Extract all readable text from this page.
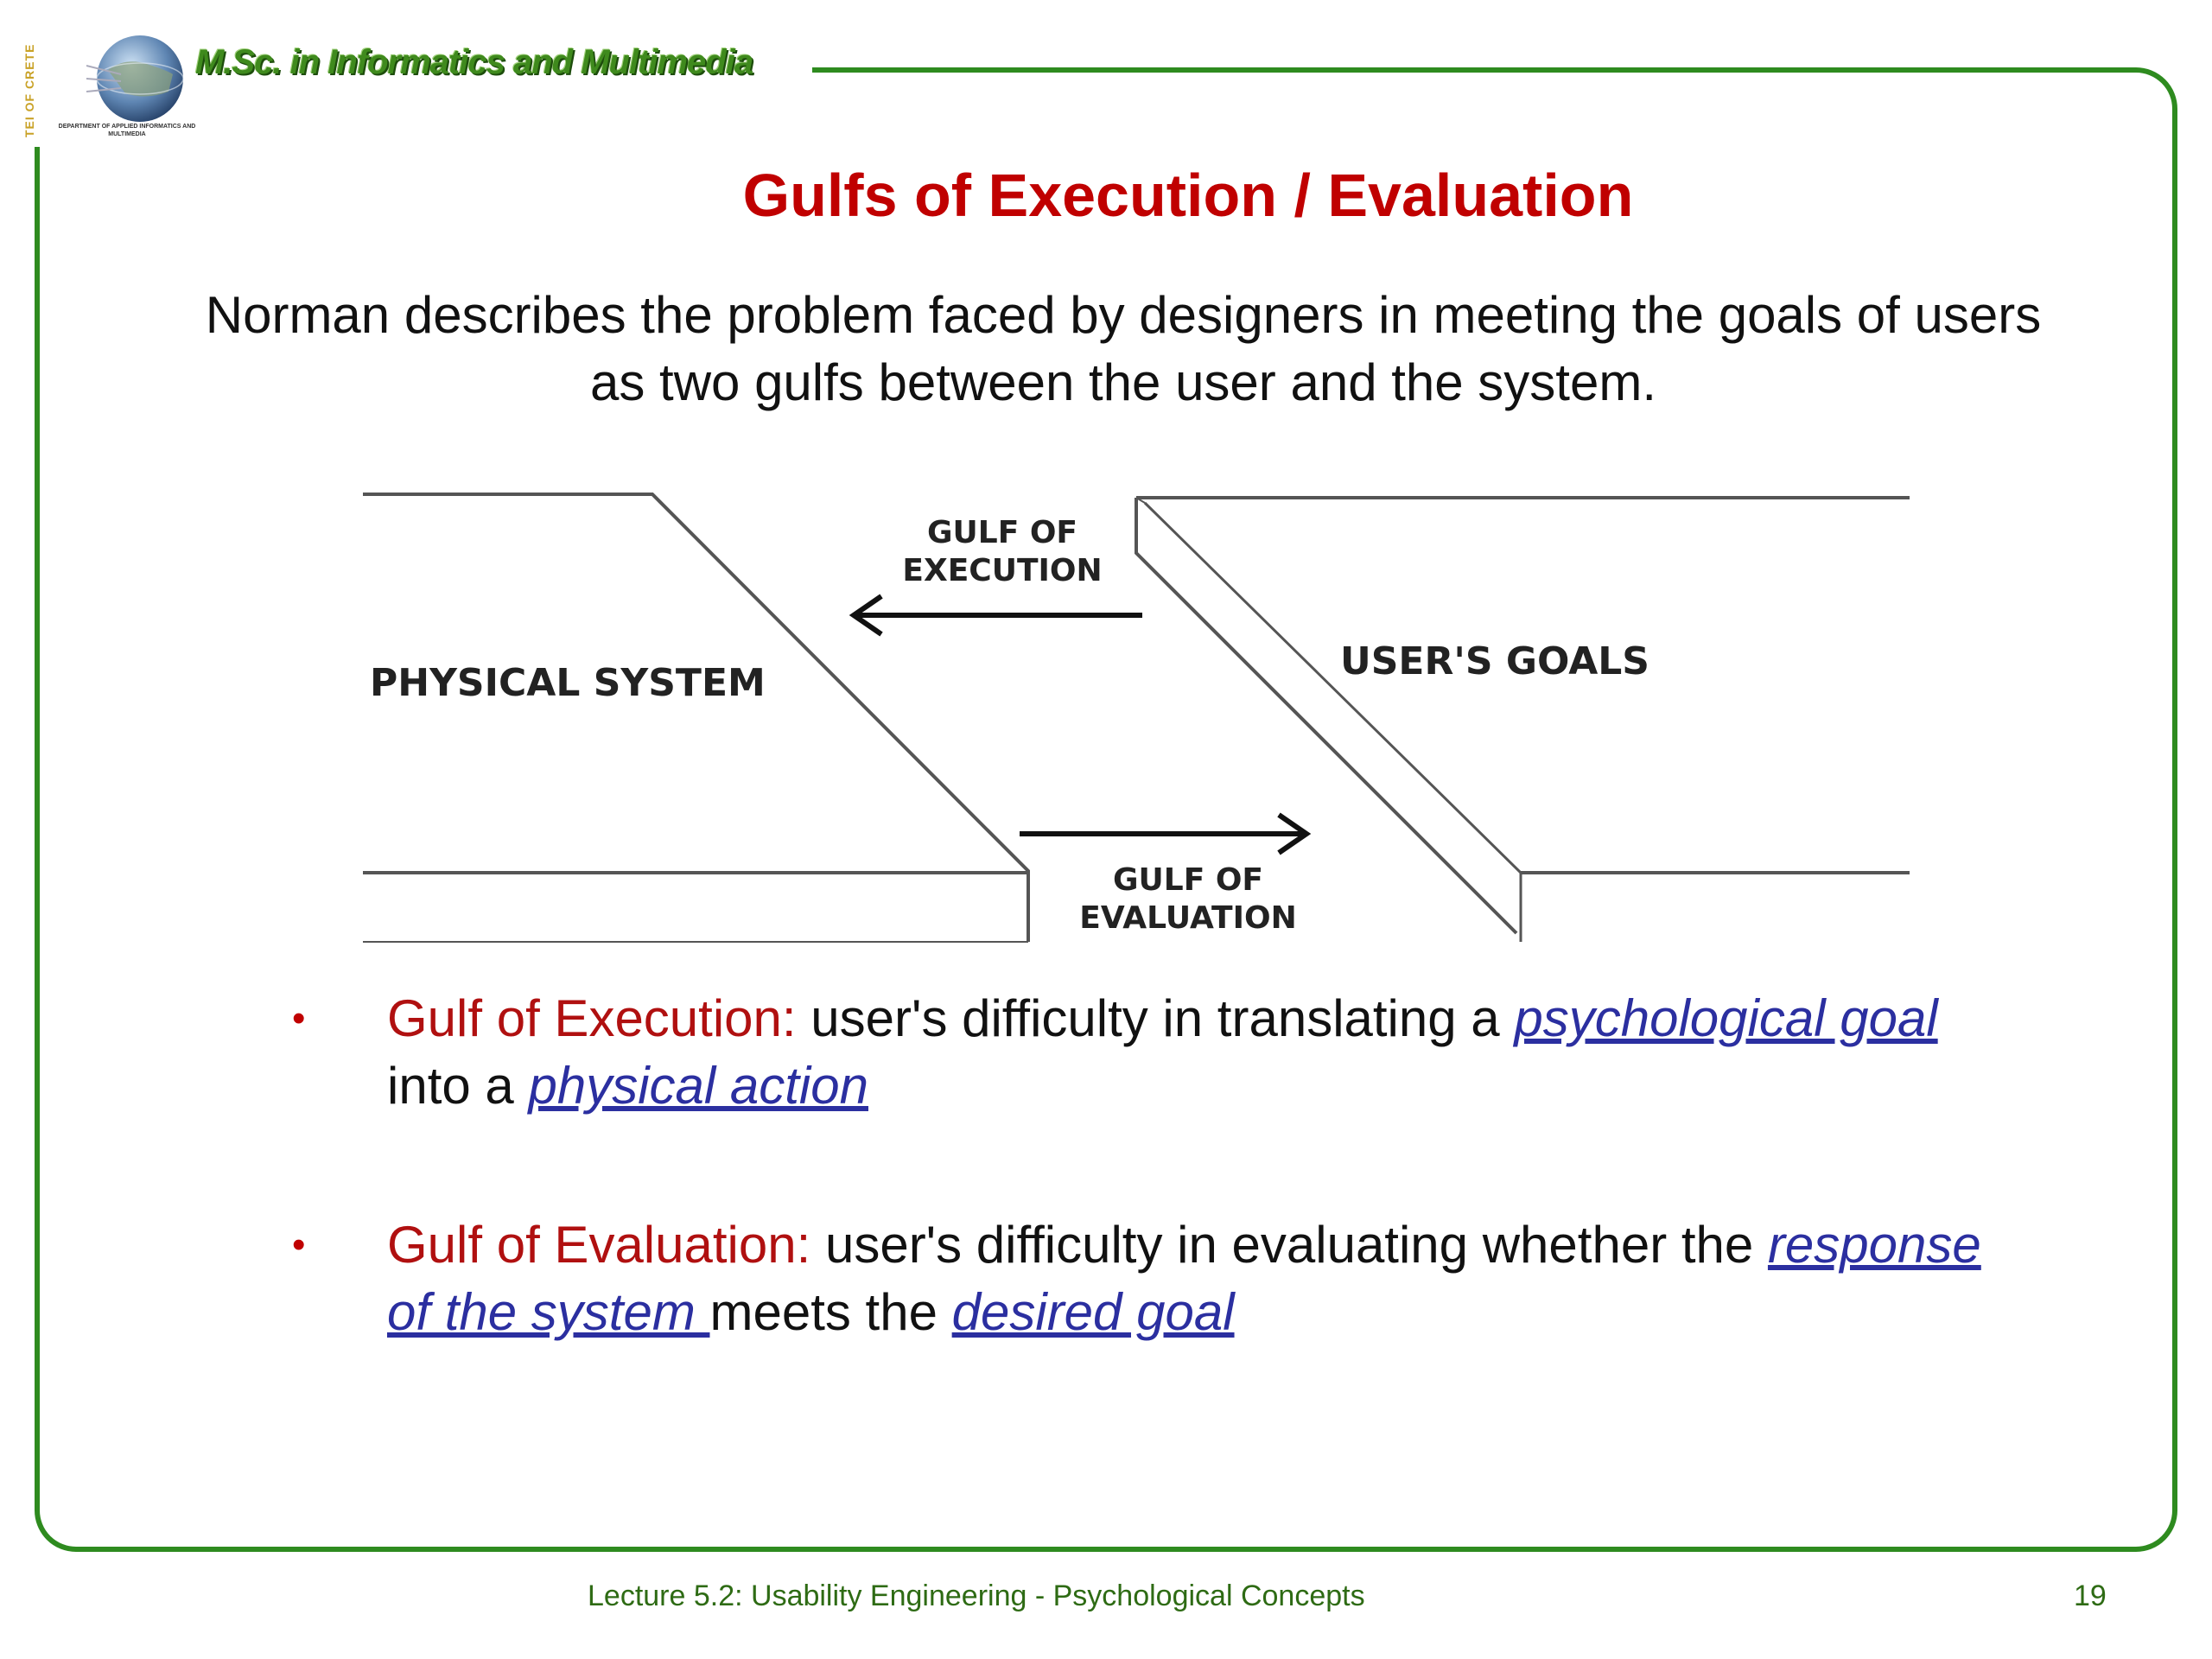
TEI OF CRETE	DEPARTMENT OF APPLIED INFORMATICS AND MULTIMEDIA
M.Sc. in Informatics and Multimedia
Gulfs of Execution / Evaluation
Norman describes the problem faced by designers in meeting the goals of users as two gulfs between the user and the system.
PHYSICAL SYSTEM	USER'S GOALS
GULF OF
EXECUTION
GULF OF
EVALUATION
• Gulf of Execution: user's difficulty in translating a psychological goal into a physical action
• Gulf of Evaluation: user's difficulty in evaluating whether the response of the system meets the desired goal
Lecture 5.2: Usability Engineering - Psychological Concepts	19
